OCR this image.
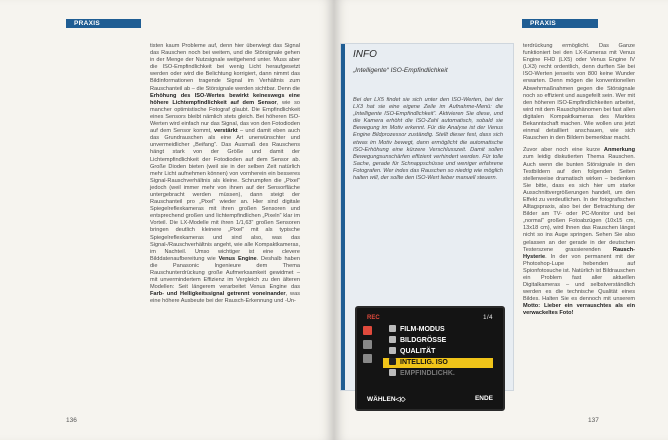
PRAXIS

tisten kaum Probleme auf, denn hier überwiegt das Signal das Rauschen noch bei weitem, und die Störsignale gehen in der Menge der Nutzsignale weitgehend unter. Muss aber die ISO-Empfindlichkeit bei wenig Licht heraufgesetzt werden oder wird die Belichtung korrigiert, dann nimmt das Bildinformationen tragende Signal im Verhältnis zum Rauschanteil ab – die Störsignale werden sichtbar. Denn die Erhöhung des ISO-Wertes bewirkt keineswegs eine höhere Lichtempfindlichkeit auf dem Sensor, wie so mancher optimistische Fotograf glaubt. Die Empfindlichkeit eines Sensors bleibt nämlich stets gleich. Bei höheren ISO-Werten wird einfach nur das Signal, das von den Fotodioden auf dem Sensor kommt, verstärkt – und damit eben auch das Grundrauschen als eine Art unerwünschter und unvermeidlicher „Beifang“. Das Ausmaß des Rauschens hängt stark von der Größe und damit der Lichtempfindlichkeit der Fotodioden auf dem Sensor ab. Große Dioden bieten (weil sie in der selben Zeit natürlich mehr Licht aufnehmen können) von vornherein ein besseres Signal-Rauschverhältnis als kleine. Schrumpfen die „Pixel“ jedoch (weil immer mehr von ihnen auf der Sensorfläche untergebracht werden müssen), dann steigt der Rauschanteil pro „Pixel“ wieder an. Hier sind digitale Spiegelreflexkameras mit ihren großen Sensoren und entsprechend großen und lichtempfindlichen „Pixeln“ klar im Vorteil. Die LX-Modelle mit ihren 1/1,63“ großen Sensoren bringen deutlich kleinere „Pixel“ mit als typische Spiegelreflexkameras und sind also, was das Signal-/Rauschverhältnis angeht, wie alle Kompaktkameras, im Nachteil. Umso wichtiger ist eine clevere Bilddatenaufbereitung wie Venus Engine. Deshalb haben die Panasonic Ingenieure dem Thema Rauschunterdrückung große Aufmerksamkeit gewidmet – mit unvermindertem Effizienz im Vergleich zu den älteren Modellen: Seit längerem verarbeitet Venus Engine das Farb- und Helligkeitssignal getrennt voneinander, was eine höhere Ausbeute bei der Rausch-Erkennung und -Un-

136
PRAXIS
INFO
„Intelligente“ ISO-Empfindlichkeit
Bei der LX5 findet sie sich unter den ISO-Werten, bei der LX3 hat sie eine eigene Zeile im Aufnahme-Menü: die „Intelligente ISO-Empfindlichkeit“. Aktivieren Sie diese, und die Kamera erhöht die ISO-Zahl automatisch, sobald sie Bewegung im Motiv erkennt. Für die Analyse ist der Venus Engine Bildprozessor zuständig. Stellt dieser fest, dass sich etwas im Motiv bewegt, dann ermöglicht die automatische ISO-Erhöhung eine kürzere Verschlusszeit. Damit sollen Bewegungsunschärfen effizient verhindert werden. Für tolle Sache, gerade für Schnappschüsse und weniger erfahrene Fotografen. Wer indes das Rauschen so niedrig wie möglich halten will, der sollte den ISO-Wert lieber manuell steuern.
REC	1/4
FILM-MODUS
BILDGRÖSSE
QUALITÄT
INTELLIG. ISO
EMPFINDLICHK.
WÄHLEN◁◇	ENDE

terdrückung ermöglicht. Das Ganze funktioniert bei den LX-Kameras mit Venus Engine FHD (LX5) oder Venus Engine IV (LX3) recht ordentlich, denn durften Sie bei ISO-Werten jenseits von 800 keine Wunder erwarten. Denn mögen die konventionellen Abwehrmaßnahmen gegen die Störsignale noch so effizient und ausgefeilt sein. Wer mit den höheren ISO-Empfindlichkeiten arbeitet, wird mit dem Rauschphänomen bei fast allen digitalen Kompaktkameras des Marktes Bekanntschaft machen. Wie wollen uns jetzt einmal detailliert anschauen, wie sich Rauschen in den Bildern bemerkbar macht.

Zuvor aber noch eine kurze Anmerkung zum leidig diskutierten Thema Rauschen. Auch wenn die bunten Störsignale in den Testbildern auf den folgenden Seiten stellenweise dramatisch wirken – bedenken Sie bitte, dass es sich hier um starke Ausschnittvergrößerungen handelt, um den Effekt zu verdeutlichen. In der fotografischen Alltagspraxis, also bei der Betrachtung der Bilder am TV- oder PC-Monitor und bei „normal“ großen Fotoabzügen (10x15 cm, 13x18 cm), wird Ihnen das Rauschen längst nicht so ins Auge springen. Sehen Sie also gelassen an der gerade in der deutschen Testerszene grassierenden Rausch-Hysterie. In der von permanent mit der Photoshop-Lupe hebenden auf Spionfotosuche ist. Natürlich ist Bildrauschen ein Problem fast aller aktuellen Digitalkameras – und selbstverständlich werden es die technische Qualität eines Bildes. Halten Sie es dennoch mit unserem Motto: Lieber ein verrauschtes als ein verwackeltes Foto!

137
